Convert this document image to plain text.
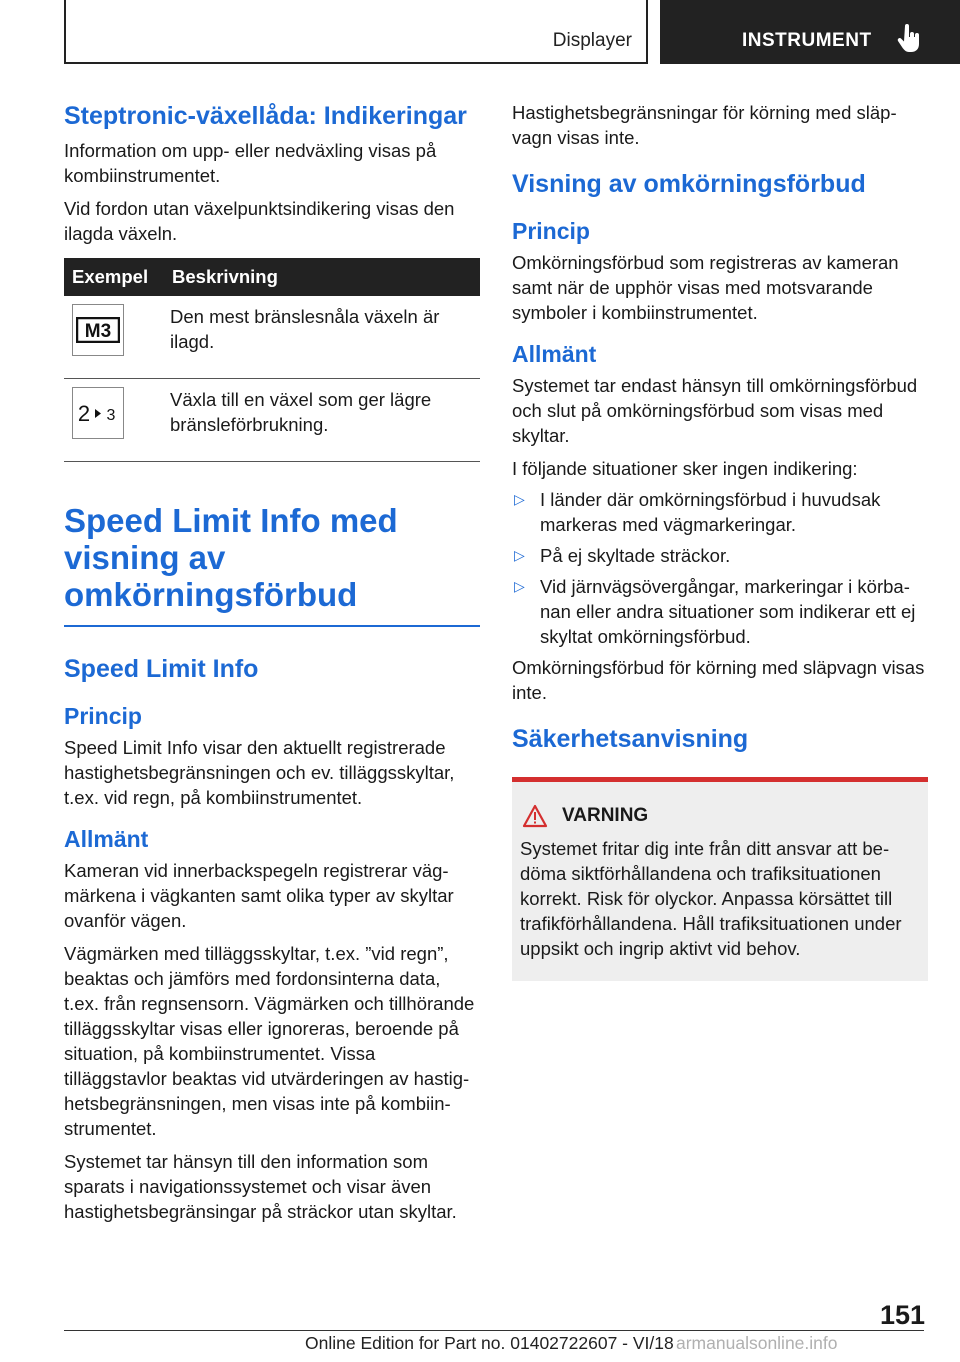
Displayer	INSTRUMENT
Steptronic-växellåda: Indikeringar

Information om upp- eller nedväxling visas på kombiinstrumentet.

Vid fordon utan växelpunktsindikering visas den ilagda växeln.

Exempel	Beskrivning

M3	Den mest bränslesnåla växeln är ilagd.

2 3	Växla till en växel som ger lägre bränsleförbrukning.
Speed Limit Info med visning av omkörningsförbud
Speed Limit Info
Princip

Speed Limit Info visar den aktuellt registrerade hastighetsbegränsningen och ev. tilläggsskyltar, t.ex. vid regn, på kombiinstrumentet.

Allmänt

Kameran vid innerbackspegeln registrerar vägmärkena i vägkanten samt olika typer av skyltar ovanför vägen.

Vägmärken med tilläggsskyltar, t.ex. ”vid regn”, beaktas och jämförs med fordonsinterna data, t.ex. från regnsensorn. Vägmärken och tillhörande tilläggsskyltar visas eller ignoreras, beroende på situation, på kombiinstrumentet. Vissa tilläggstavlor beaktas vid utvärderingen av hastighetsbegränsningen, men visas inte på kombiinstrumentet.

Systemet tar hänsyn till den information som sparats i navigationssystemet och visar även hastighetsbegränsingar på sträckor utan skyltar.

Hastighetsbegränsningar för körning med släpvagn visas inte.

Visning av omkörningsförbud
Princip

Omkörningsförbud som registreras av kameran samt när de upphör visas med motsvarande symboler i kombiinstrumentet.

Allmänt

Systemet tar endast hänsyn till omkörningsförbud och slut på omkörningsförbud som visas med skyltar.

I följande situationer sker ingen indikering:

▷ I länder där omkörningsförbud i huvudsak markeras med vägmarkeringar.
▷ På ej skyltade sträckor.
▷ Vid järnvägsövergångar, markeringar i körbanan eller andra situationer som indikerar ett ej skyltat omkörningsförbud.

Omkörningsförbud för körning med släpvagn visas inte.

Säkerhetsanvisning
VARNING

Systemet fritar dig inte från ditt ansvar att bedöma siktförhållandena och trafiksituationen korrekt. Risk för olyckor. Anpassa körsättet till trafikförhållandena. Håll trafiksituationen under uppsikt och ingrip aktivt vid behov.

151
Online Edition for Part no. 01402722607 - VI/18 armanualsonline.info
